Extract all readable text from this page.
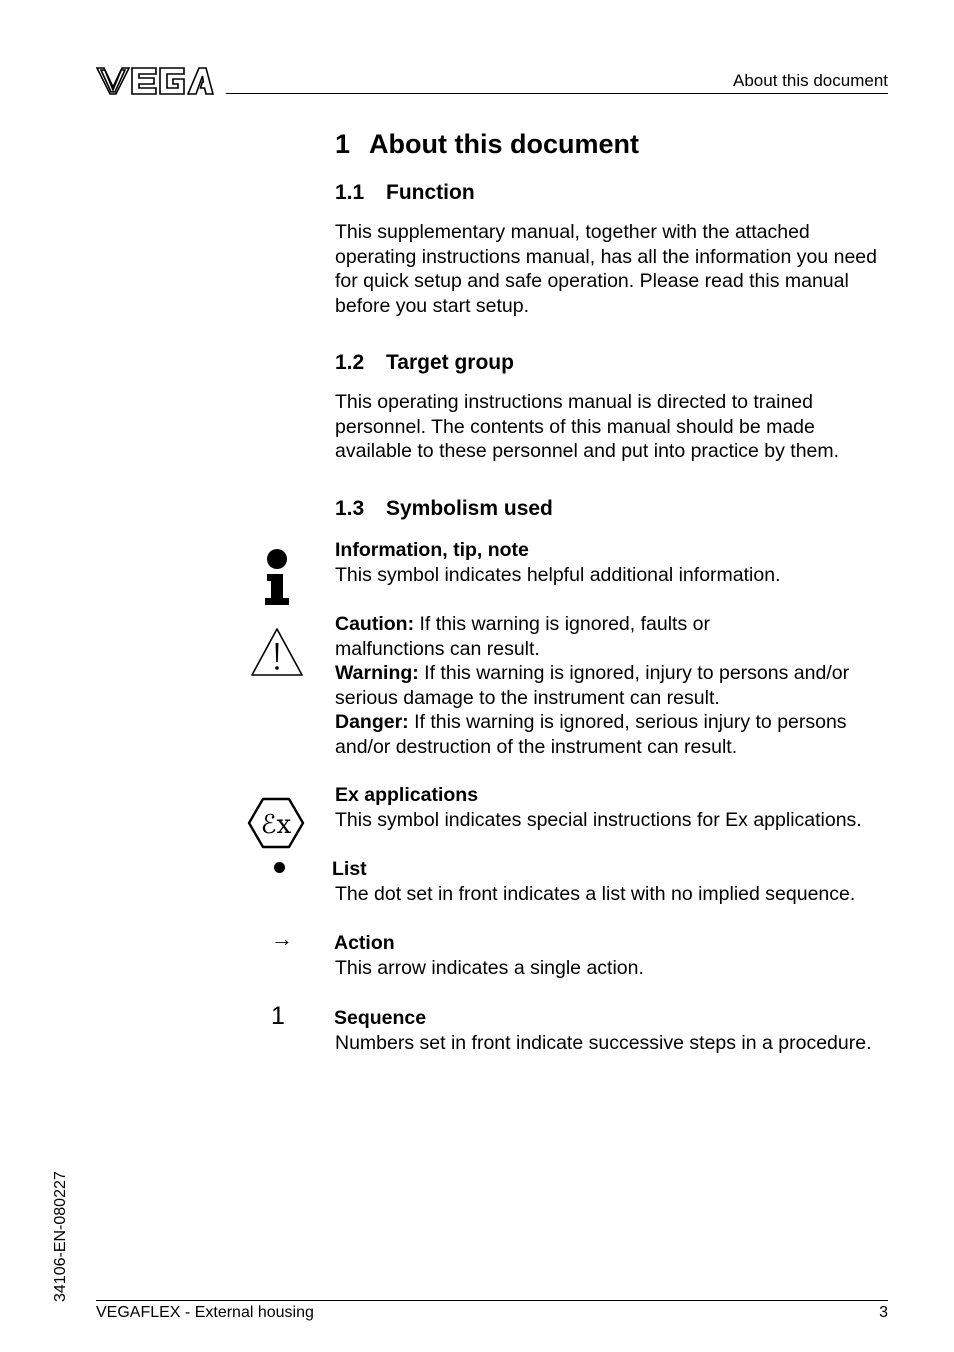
About this document
1 About this document
1.1 Function

This supplementary manual, together with the attached operating instructions manual, has all the information you need for quick setup and safe operation. Please read this manual before you start setup.

1.2 Target group

This operating instructions manual is directed to trained personnel. The contents of this manual should be made available to these personnel and put into practice by them.

1.3 Symbolism used

Information, tip, note

This symbol indicates helpful additional information.

Caution: If this warning is ignored, faults or malfunctions can result.

Warning: If this warning is ignored, injury to persons and/or serious damage to the instrument can result.

Danger: If this warning is ignored, serious injury to persons and/or destruction of the instrument can result.

ℰx

Ex applications

This symbol indicates special instructions for Ex applications.

List
The dot set in front indicates a list with no implied sequence.
→ Action
This arrow indicates a single action.
1	Sequence
Numbers set in front indicate successive steps in a procedure.
34106-EN-080227
VEGAFLEX - External housing	3
